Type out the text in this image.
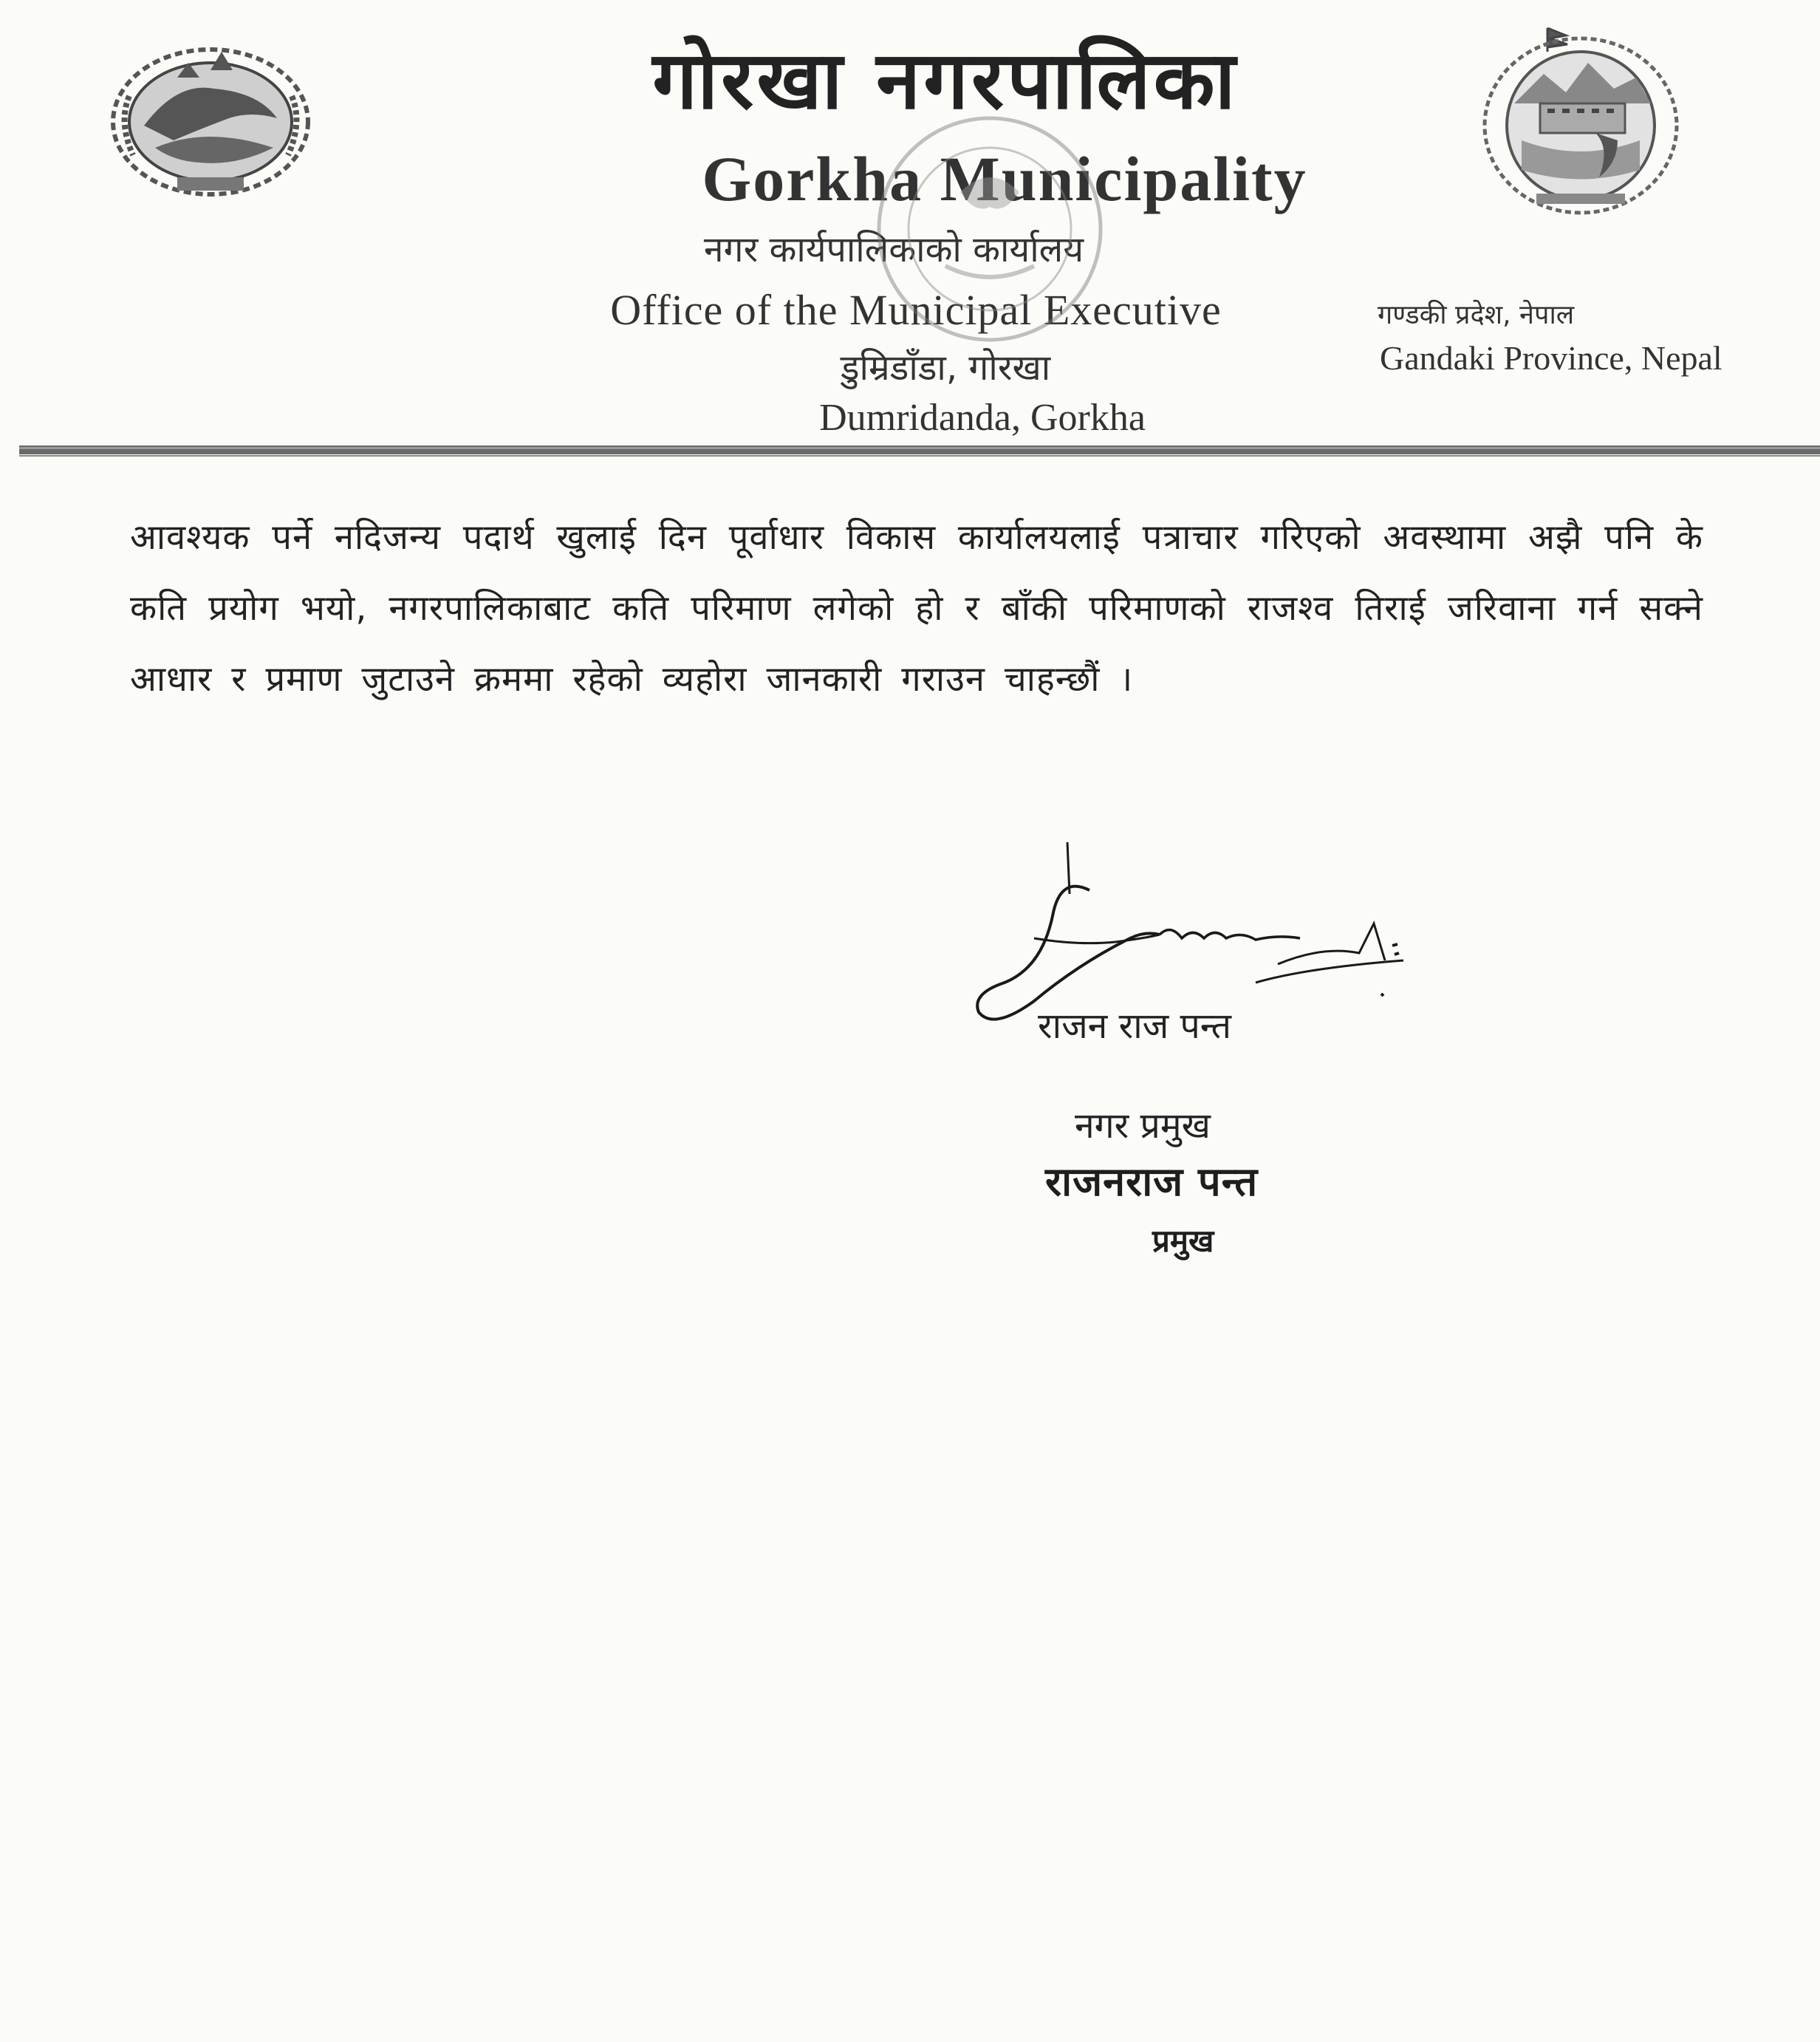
गोरखा नगरपालिका
Gorkha Municipality
नगर कार्यपालिकाको कार्यालय
Office of the Municipal Executive
डुम्रिडाँडा, गोरखा
Dumridanda, Gorkha
गण्डकी प्रदेश, नेपाल
Gandaki Province, Nepal
आवश्यक पर्ने नदिजन्य पदार्थ खुलाई दिन पूर्वाधार विकास कार्यालयलाई पत्राचार गरिएको अवस्थामा अझै पनि के कति प्रयोग भयो, नगरपालिकाबाट कति परिमाण लगेको हो र बाँकी परिमाणको राजश्व तिराई जरिवाना गर्न सक्ने आधार र प्रमाण जुटाउने क्रममा रहेको व्यहोरा जानकारी गराउन चाहन्छौं ।
राजन राज पन्त
नगर प्रमुख
राजनराज पन्त
प्रमुख
